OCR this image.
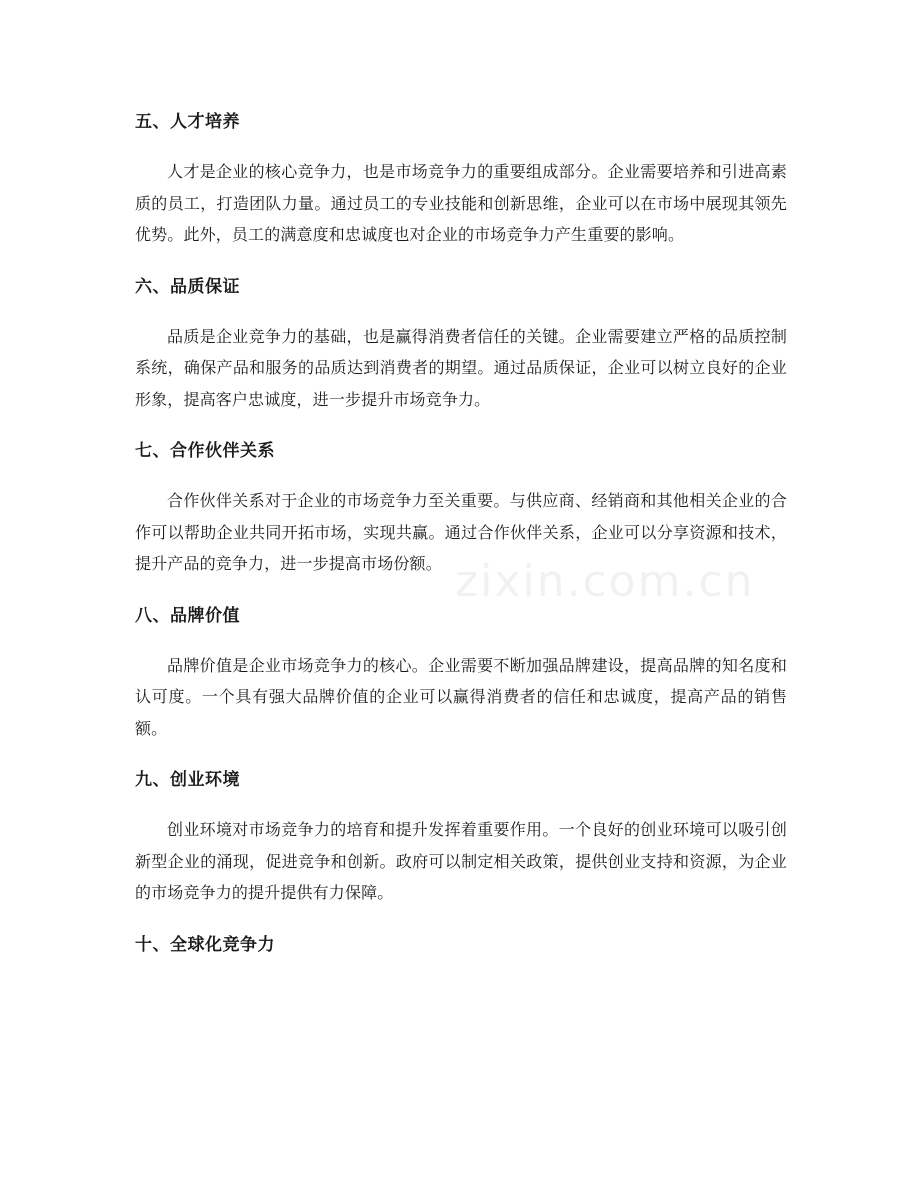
zixin.com.cn
五、人才培养

人才是企业的核心竞争力，也是市场竞争力的重要组成部分。企业需要培养和引进高素质的员工，打造团队力量。通过员工的专业技能和创新思维，企业可以在市场中展现其领先优势。此外，员工的满意度和忠诚度也对企业的市场竞争力产生重要的影响。

六、品质保证

品质是企业竞争力的基础，也是赢得消费者信任的关键。企业需要建立严格的品质控制系统，确保产品和服务的品质达到消费者的期望。通过品质保证，企业可以树立良好的企业形象，提高客户忠诚度，进一步提升市场竞争力。

七、合作伙伴关系

合作伙伴关系对于企业的市场竞争力至关重要。与供应商、经销商和其他相关企业的合作可以帮助企业共同开拓市场，实现共赢。通过合作伙伴关系，企业可以分享资源和技术，提升产品的竞争力，进一步提高市场份额。

八、品牌价值

品牌价值是企业市场竞争力的核心。企业需要不断加强品牌建设，提高品牌的知名度和认可度。一个具有强大品牌价值的企业可以赢得消费者的信任和忠诚度，提高产品的销售额。

九、创业环境

创业环境对市场竞争力的培育和提升发挥着重要作用。一个良好的创业环境可以吸引创新型企业的涌现，促进竞争和创新。政府可以制定相关政策，提供创业支持和资源，为企业的市场竞争力的提升提供有力保障。

十、全球化竞争力
